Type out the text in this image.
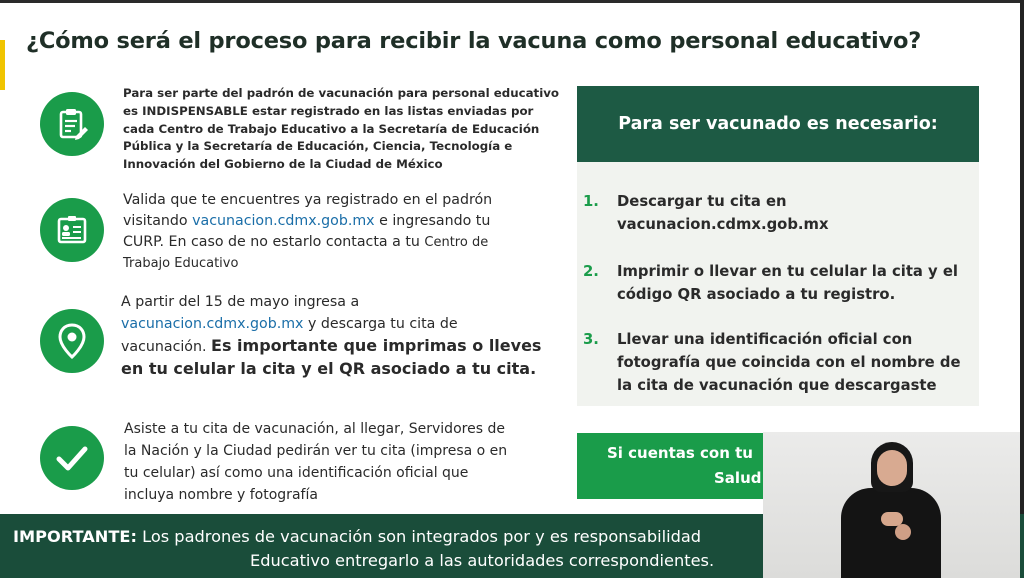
¿Cómo será el proceso para recibir la vacuna como personal educativo?
Para ser parte del padrón de vacunación para personal educativo
es INDISPENSABLE estar registrado en las listas enviadas por
cada Centro de Trabajo Educativo a la Secretaría de Educación
Pública y la Secretaría de Educación, Ciencia, Tecnología e
Innovación del Gobierno de la Ciudad de México
Valida que te encuentres ya registrado en el padrón
visitando vacunacion.cdmx.gob.mx e ingresando tu
CURP. En caso de no estarlo contacta a tu Centro de
Trabajo Educativo
A partir del 15 de mayo ingresa a
vacunacion.cdmx.gob.mx y descarga tu cita de
vacunación. Es importante que imprimas o lleves
en tu celular la cita y el QR asociado a tu cita.
Asiste a tu cita de vacunación, al llegar, Servidores de
la Nación y la Ciudad pedirán ver tu cita (impresa o en
tu celular) así como una identificación oficial que
incluya nombre y fotografía
Para ser vacunado es necesario:
1. Descargar tu cita en
vacunacion.cdmx.gob.mx
2. Imprimir o llevar en tu celular la cita y el
código QR asociado a tu registro.
3. Llevar una identificación oficial con
fotografía que coincida con el nombre de
la cita de vacunación que descargaste
Si cuentas con tu
Salud
IMPORTANTE: Los padrones de vacunación son integrados por y es responsabilidad
Educativo entregarlo a las autoridades correspondientes.
